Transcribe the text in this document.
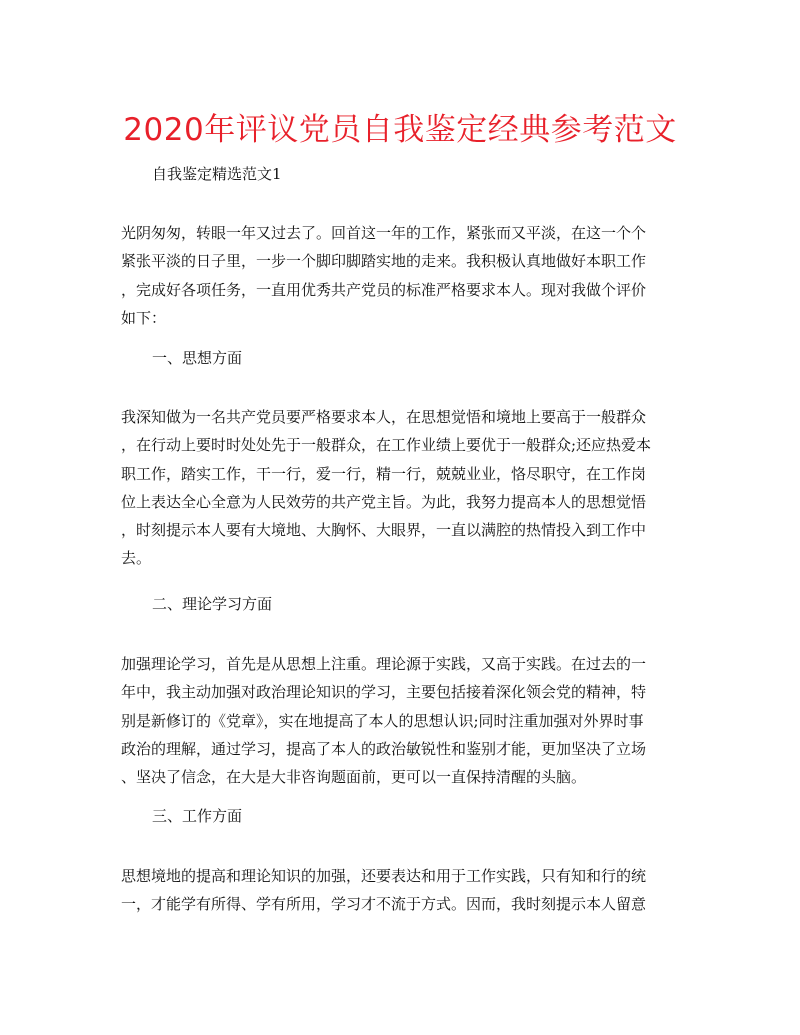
2020年评议党员自我鉴定经典参考范文
自我鉴定精选范文1

光阴匆匆，转眼一年又过去了。回首这一年的工作，紧张而又平淡，在这一个个
紧张平淡的日子里，一步一个脚印脚踏实地的走来。我积极认真地做好本职工作
，完成好各项任务，一直用优秀共产党员的标准严格要求本人。现对我做个评价
如下：

一、思想方面

我深知做为一名共产党员要严格要求本人，在思想觉悟和境地上要高于一般群众
，在行动上要时时处处先于一般群众，在工作业绩上要优于一般群众;还应热爱本
职工作，踏实工作，干一行，爱一行，精一行，兢兢业业，恪尽职守，在工作岗
位上表达全心全意为人民效劳的共产党主旨。为此，我努力提高本人的思想觉悟
，时刻提示本人要有大境地、大胸怀、大眼界，一直以满腔的热情投入到工作中
去。

二、理论学习方面

加强理论学习，首先是从思想上注重。理论源于实践，又高于实践。在过去的一
年中，我主动加强对政治理论知识的学习，主要包括接着深化领会党的精神，特
别是新修订的《党章》，实在地提高了本人的思想认识;同时注重加强对外界时事
政治的理解，通过学习，提高了本人的政治敏锐性和鉴别才能，更加坚决了立场
、坚决了信念，在大是大非咨询题面前，更可以一直保持清醒的头脑。

三、工作方面

思想境地的提高和理论知识的加强，还要表达和用于工作实践，只有知和行的统
一，才能学有所得、学有所用，学习才不流于方式。因而，我时刻提示本人留意
